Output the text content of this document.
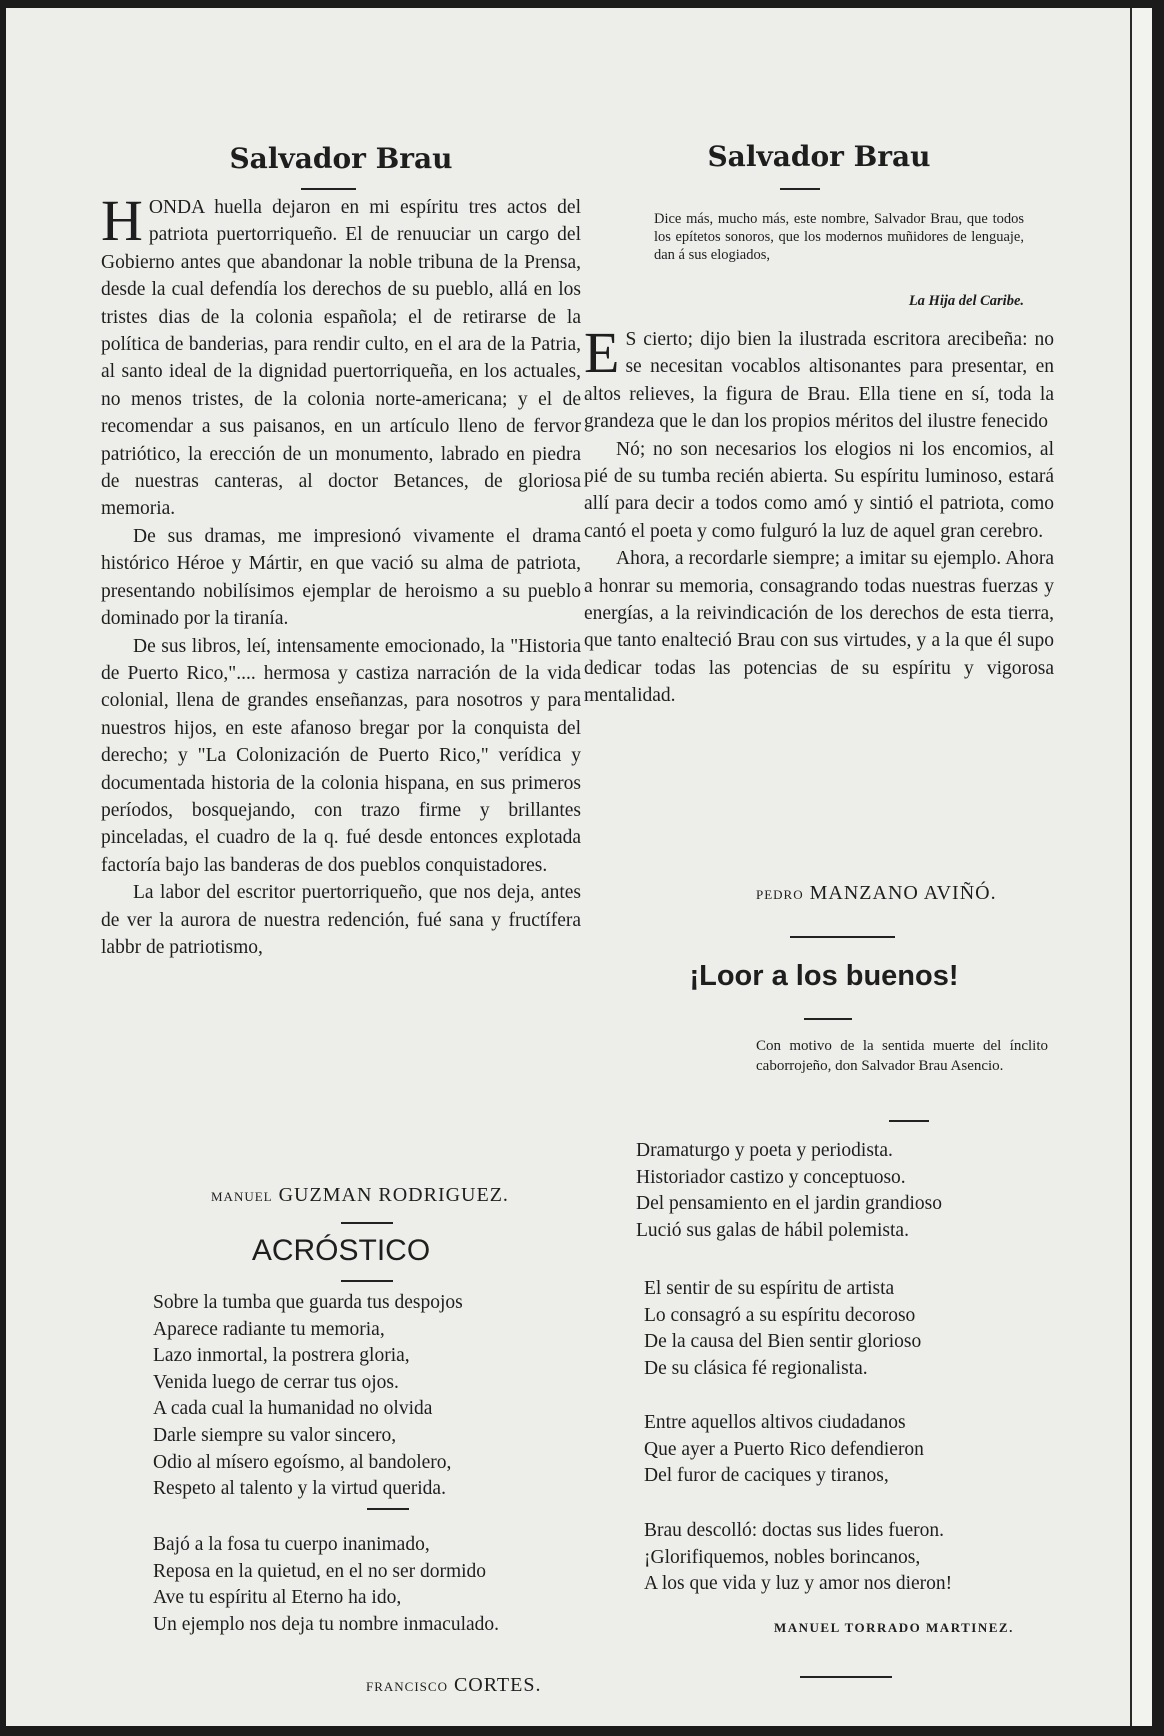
Salvador Brau

HONDA huella dejaron en mi espíritu tres actos del patriota puertorriqueño. El de renuuciar un cargo del Gobierno antes que abandonar la noble tribuna de la Prensa, desde la cual defendía los derechos de su pueblo, allá en los tristes dias de la colonia española; el de retirarse de la política de banderias, para rendir culto, en el ara de la Patria, al santo ideal de la dignidad puertorriqueña, en los actuales, no menos tristes, de la colonia norte-americana; y el de recomendar a sus paisanos, en un artículo lleno de fervor patriótico, la erección de un monumento, labrado en piedra de nuestras canteras, al doctor Betances, de gloriosa memoria.

De sus dramas, me impresionó vivamente el drama histórico Héroe y Mártir, en que vació su alma de patriota, presentando nobilísimos ejemplar de heroismo a su pueblo dominado por la tiranía.

De sus libros, leí, intensamente emocionado, la "Historia de Puerto Rico,".... hermosa y castiza narración de la vida colonial, llena de grandes enseñanzas, para nosotros y para nuestros hijos, en este afanoso bregar por la conquista del derecho; y "La Colonización de Puerto Rico," verídica y documentada historia de la colonia hispana, en sus primeros períodos, bosquejando, con trazo firme y brillantes pinceladas, el cuadro de la q. fué desde entonces explotada factoría bajo las banderas de dos pueblos conquistadores.

La labor del escritor puertorriqueño, que nos deja, antes de ver la aurora de nuestra redención, fué sana y fructífera labbr de patriotismo,

MANUEL GUZMAN RODRIGUEZ.
ACRÓSTICO
Sobre la tumba que guarda tus despojos
Aparece radiante tu memoria,
Lazo inmortal, la postrera gloria,
Venida luego de cerrar tus ojos.
A cada cual la humanidad no olvida
Darle siempre su valor sincero,
Odio al mísero egoísmo, al bandolero,
Respeto al talento y la virtud querida.
Bajó a la fosa tu cuerpo inanimado,
Reposa en la quietud, en el no ser dormido
Ave tu espíritu al Eterno ha ido,
Un ejemplo nos deja tu nombre inmaculado.
FRANCISCO CORTES.
Salvador Brau
Dice más, mucho más, este nombre, Salvador Brau, que todos los epítetos sonoros, que los modernos muñidores de lenguaje, dan á sus elogiados,
La Hija del Caribe.

E S cierto; dijo bien la ilustrada escritora arecibeña: no se necesitan vocablos altisonantes para presentar, en altos relieves, la figura de Brau. Ella tiene en sí, toda la grandeza que le dan los propios méritos del ilustre fenecido

Nó; no son necesarios los elogios ni los encomios, al pié de su tumba recién abierta. Su espíritu luminoso, estará allí para decir a todos como amó y sintió el patriota, como cantó el poeta y como fulguró la luz de aquel gran cerebro.

Ahora, a recordarle siempre; a imitar su ejemplo. Ahora a honrar su memoria, consagrando todas nuestras fuerzas y energías, a la reivindicación de los derechos de esta tierra, que tanto enalteció Brau con sus virtudes, y a la que él supo dedicar todas las potencias de su espíritu y vigorosa mentalidad.

PEDRO MANZANO AVIÑÓ.
¡Loor a los buenos!
Con motivo de la sentida muerte del ínclito caborrojeño, don Salvador Brau Asencio.
Dramaturgo y poeta y periodista.
Historiador castizo y conceptuoso.
Del pensamiento en el jardin grandioso
Lució sus galas de hábil polemista.
El sentir de su espíritu de artista
Lo consagró a su espíritu decoroso
De la causa del Bien sentir glorioso
De su clásica fé regionalista.
Entre aquellos altivos ciudadanos
Que ayer a Puerto Rico defendieron
Del furor de caciques y tiranos,
Brau descolló: doctas sus lides fueron.
¡Glorifiquemos, nobles borincanos,
A los que vida y luz y amor nos dieron!
MANUEL TORRADO MARTINEZ.
